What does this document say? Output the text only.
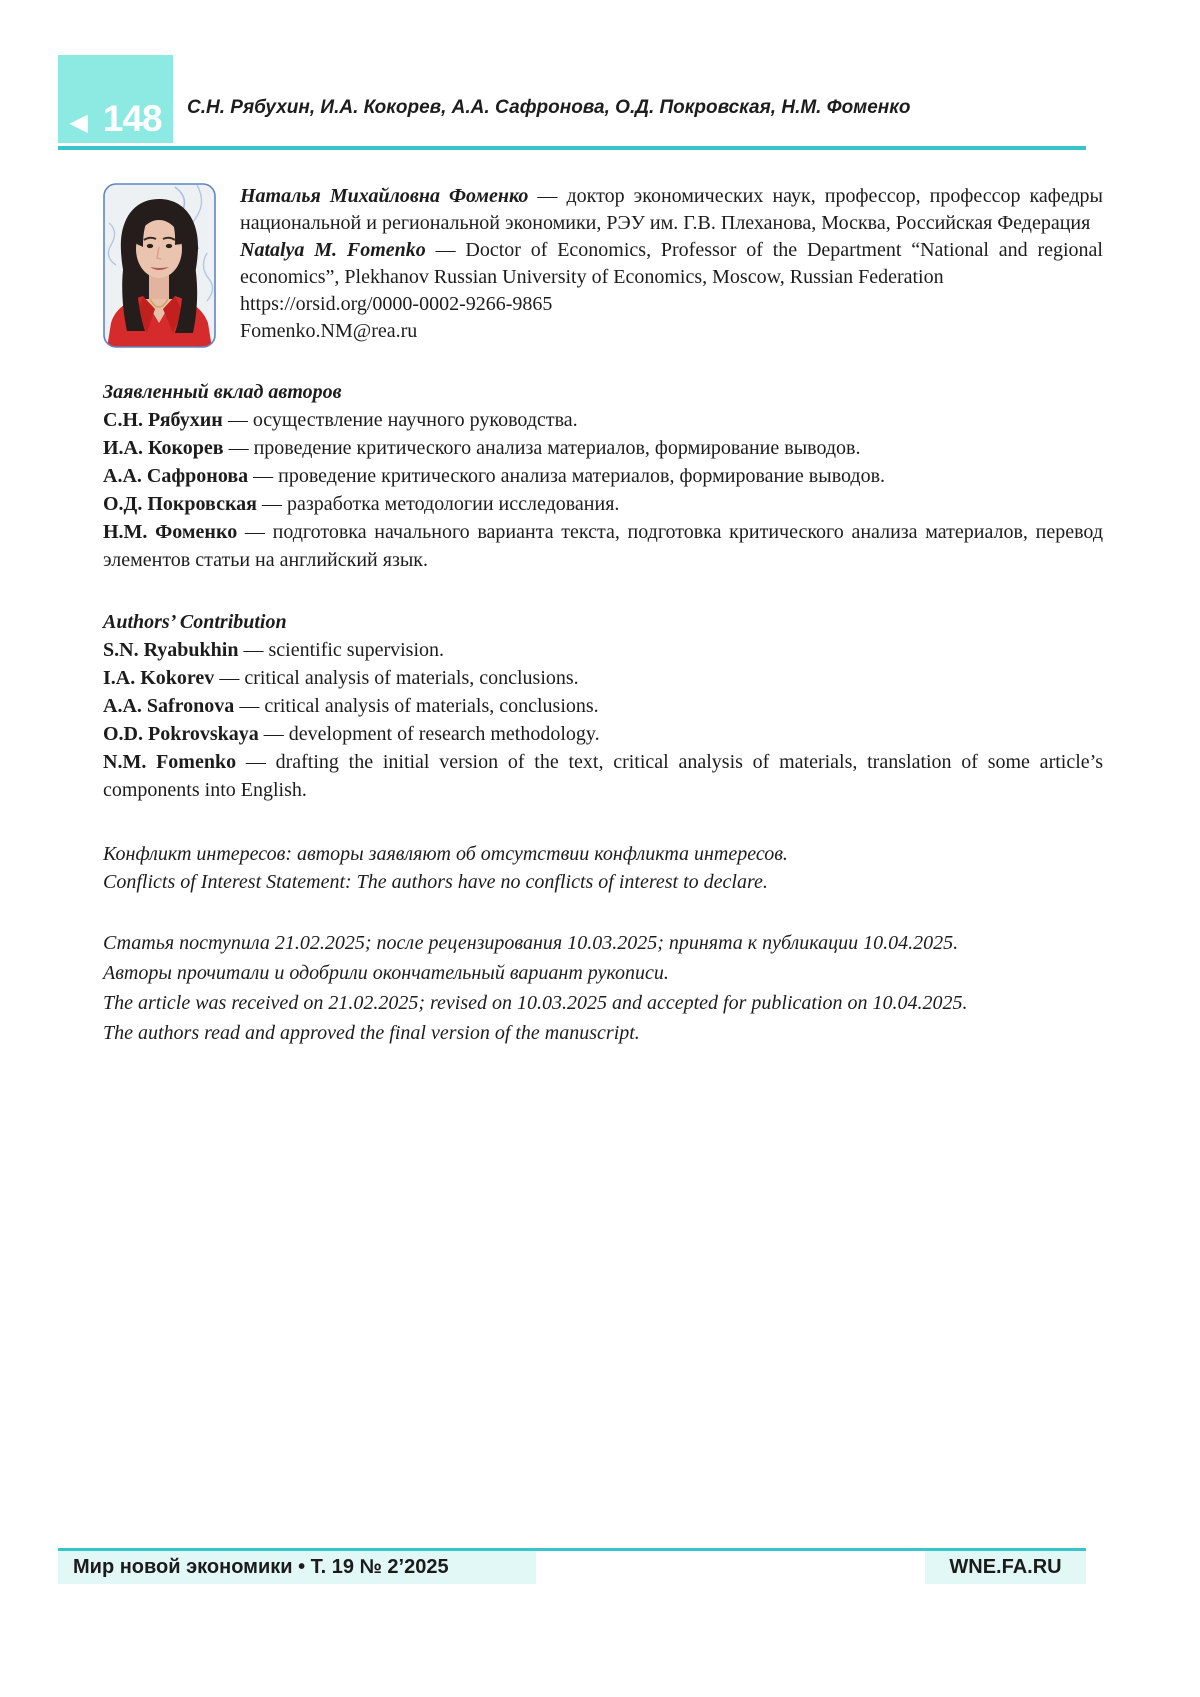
◀ 148 С.Н. Рябухин, И.А. Кокорев, А.А. Сафронова, О.Д. Покровская, Н.М. Фоменко

Наталья Михайловна Фоменко — доктор экономических наук, профессор, профессор кафедры национальной и региональной экономики, РЭУ им. Г.В. Плеханова, Москва, Российская Федерация

Natalya M. Fomenko — Doctor of Economics, Professor of the Department “National and regional economics”, Plekhanov Russian University of Economics, Moscow, Russian Federation

https://orsid.org/0000-0002-9266-9865

Fomenko.NM@rea.ru

Заявленный вклад авторов

С.Н. Рябухин — осуществление научного руководства.

И.А. Кокорев — проведение критического анализа материалов, формирование выводов.

А.А. Сафронова — проведение критического анализа материалов, формирование выводов.

О.Д. Покровская — разработка методологии исследования.

Н.М. Фоменко — подготовка начального варианта текста, подготовка критического анализа материалов, перевод элементов статьи на английский язык.

Authors’ Contribution

S.N. Ryabukhin — scientific supervision.

I.A. Kokorev — critical analysis of materials, conclusions.

A.A. Safronova — critical analysis of materials, conclusions.

O.D. Pokrovskaya — development of research methodology.

N.M. Fomenko — drafting the initial version of the text, critical analysis of materials, translation of some article’s components into English.

Конфликт интересов: авторы заявляют об отсутствии конфликта интересов.

Conflicts of Interest Statement: The authors have no conflicts of interest to declare.

Статья поступила 21.02.2025; после рецензирования 10.03.2025; принята к публикации 10.04.2025.

Авторы прочитали и одобрили окончательный вариант рукописи.

The article was received on 21.02.2025; revised on 10.03.2025 and accepted for publication on 10.04.2025.

The authors read and approved the final version of the manuscript.

Мир новой экономики • Т. 19 № 2’2025	WNE.FA.RU
